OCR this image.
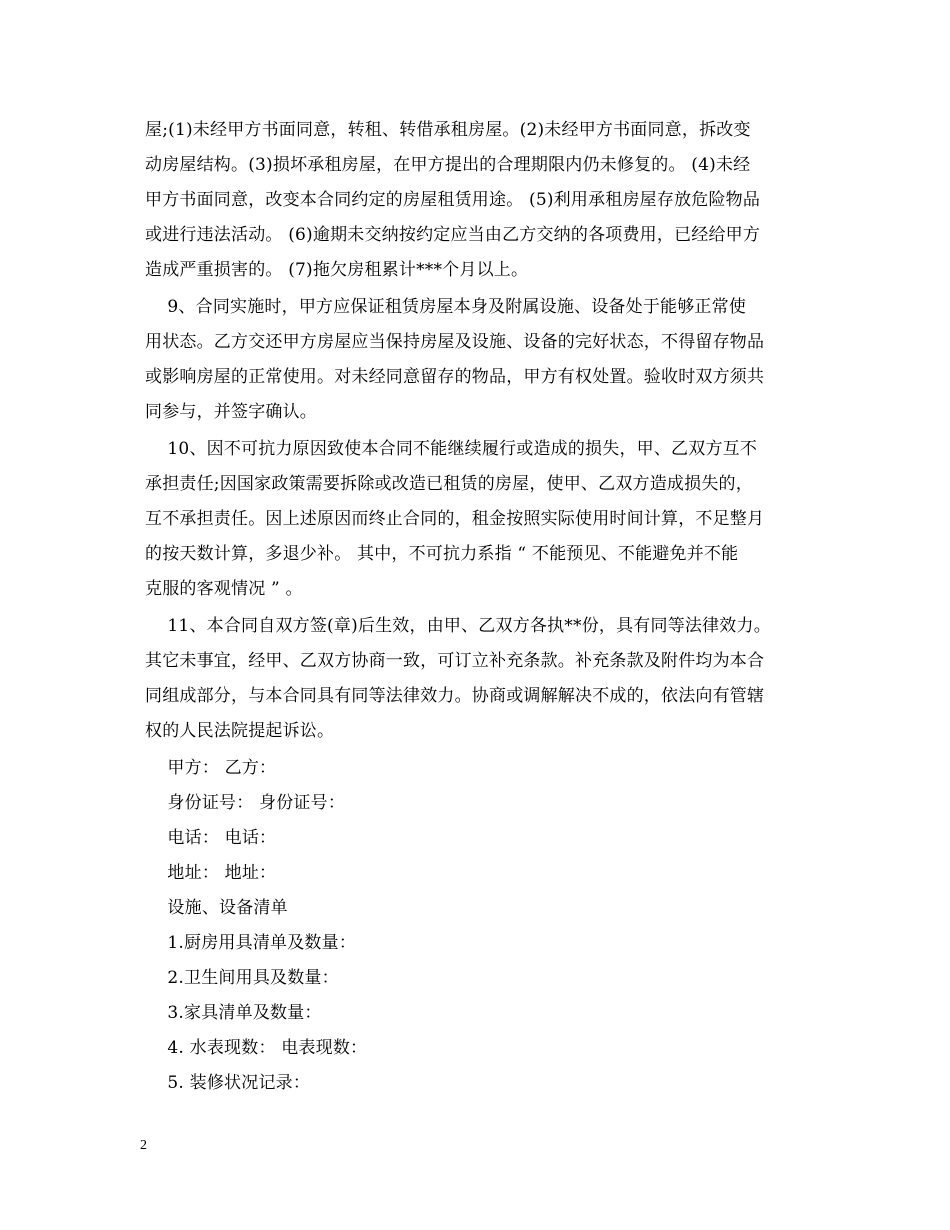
屋;(1)未经甲方书面同意，转租、转借承租房屋。(2)未经甲方书面同意，拆改变
动房屋结构。(3)损坏承租房屋，在甲方提出的合理期限内仍未修复的。 (4)未经
甲方书面同意，改变本合同约定的房屋租赁用途。 (5)利用承租房屋存放危险物品
或进行违法活动。 (6)逾期未交纳按约定应当由乙方交纳的各项费用，已经给甲方
造成严重损害的。 (7)拖欠房租累计***个月以上。
9、合同实施时，甲方应保证租赁房屋本身及附属设施、设备处于能够正常使
用状态。乙方交还甲方房屋应当保持房屋及设施、设备的完好状态，不得留存物品
或影响房屋的正常使用。对未经同意留存的物品，甲方有权处置。验收时双方须共
同参与，并签字确认。
10、因不可抗力原因致使本合同不能继续履行或造成的损失，甲、乙双方互不
承担责任;因国家政策需要拆除或改造已租赁的房屋，使甲、乙双方造成损失的，
互不承担责任。因上述原因而终止合同的，租金按照实际使用时间计算，不足整月
的按天数计算，多退少补。 其中，不可抗力系指 “ 不能预见、不能避免并不能
克服的客观情况 ” 。
11、本合同自双方签(章)后生效，由甲、乙双方各执**份，具有同等法律效力。
其它未事宜，经甲、乙双方协商一致，可订立补充条款。补充条款及附件均为本合
同组成部分，与本合同具有同等法律效力。协商或调解解决不成的，依法向有管辖
权的人民法院提起诉讼。
甲方： 乙方：
身份证号： 身份证号：
电话： 电话：
地址： 地址：
设施、设备清单
1.厨房用具清单及数量：
2.卫生间用具及数量：
3.家具清单及数量：
4. 水表现数： 电表现数：
5. 装修状况记录：
2
